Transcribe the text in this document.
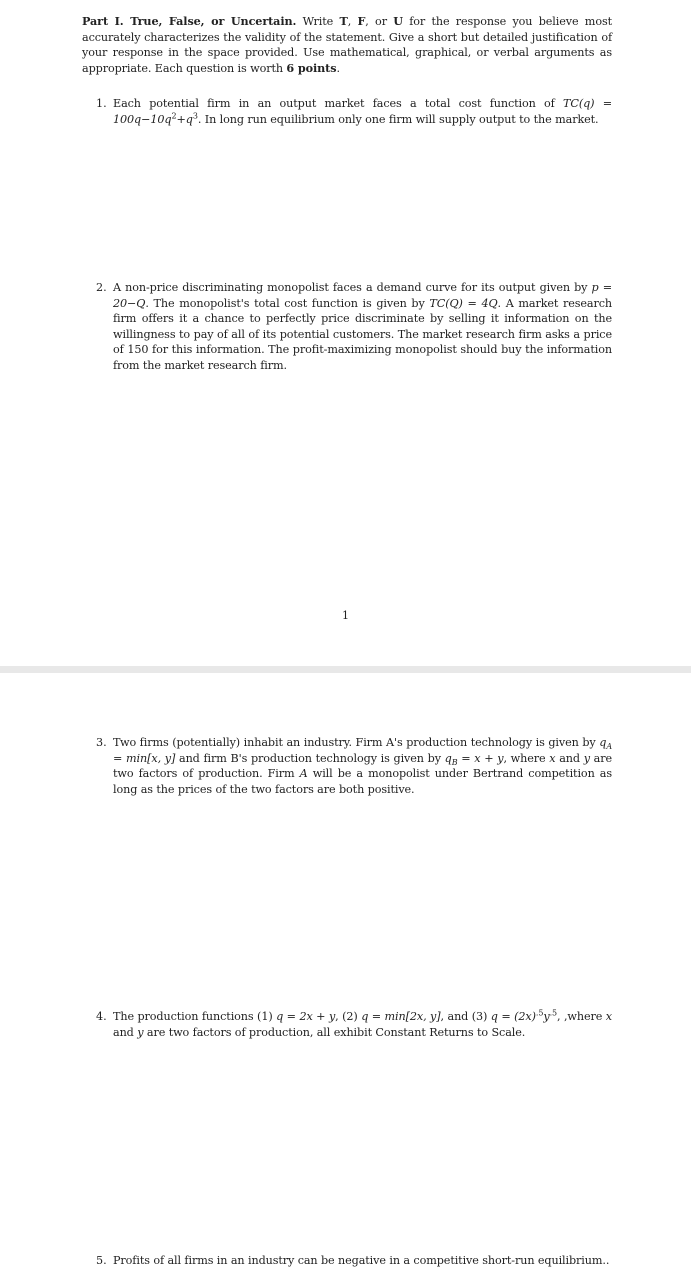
Part I. True, False, or Uncertain. Write T, F, or U for the response you believe most accurately characterizes the validity of the statement. Give a short but detailed justification of your response in the space provided. Use mathematical, graphical, or verbal arguments as appropriate. Each question is worth 6 points.
1. Each potential firm in an output market faces a total cost function of $TC(q) = 100q-10q^2+q^3$. In long run equilibrium only one firm will supply output to the market.
2. A non-price discriminating monopolist faces a demand curve for its output given by p = 20−Q. The monopolist's total cost function is given by TC(Q) = 4Q. A market research firm offers it a chance to perfectly price discriminate by selling it information on the willingness to pay of all of its potential customers. The market research firm asks a price of 150 for this information. The profit-maximizing monopolist should buy the information from the market research firm.
1
3. Two firms (potentially) inhabit an industry. Firm A's production technology is given by $q_A = \min[x$, y] and firm B's production technology is given by $q_B = x + y$, where x and y are two factors of production. Firm A will be a monopolist under Bertrand competition as long as the prices of the two factors are both positive.
4. The production functions (1) q = 2x + y, (2) q = min[2x, y], and (3) $q = (2x)^{.5}y^{.5}$, ,where x and y are two factors of production, all exhibit Constant Returns to Scale.
5. Profits of all firms in an industry can be negative in a competitive short-run equilibrium..
